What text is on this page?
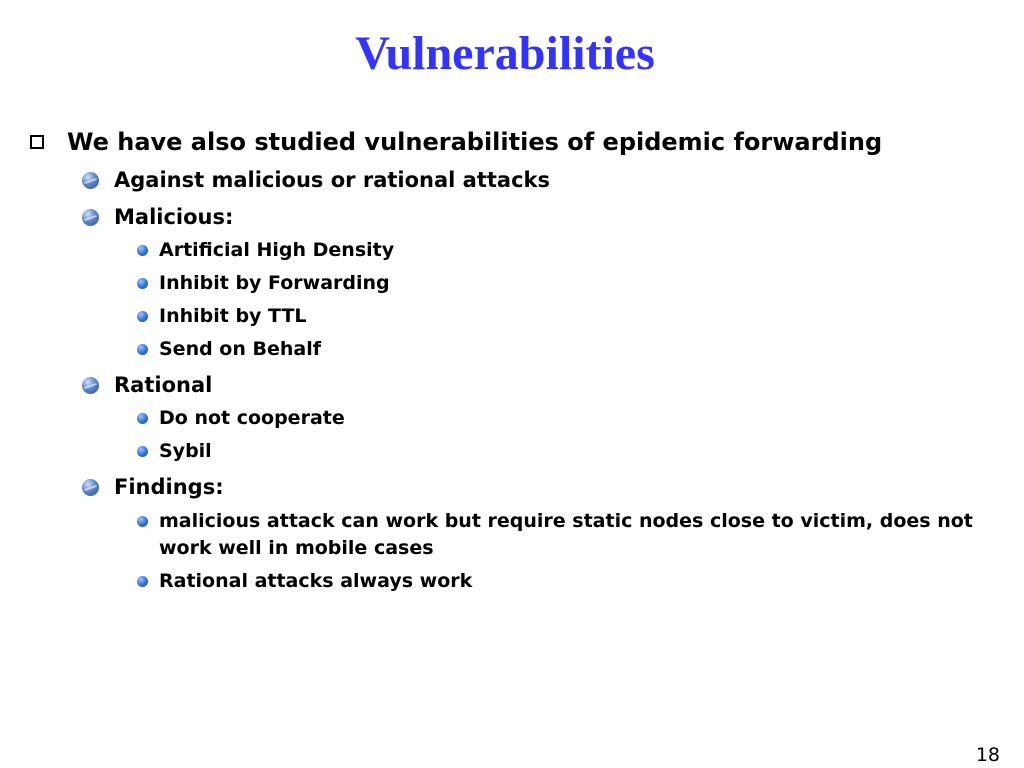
Vulnerabilities
We have also studied vulnerabilities of epidemic forwarding
Against malicious or rational attacks
Malicious:
Artificial High Density
Inhibit by Forwarding
Inhibit by TTL
Send on Behalf
Rational
Do not cooperate
Sybil
Findings:
malicious attack can work but require static nodes close to victim, does not work well in mobile cases
Rational attacks always work
18
